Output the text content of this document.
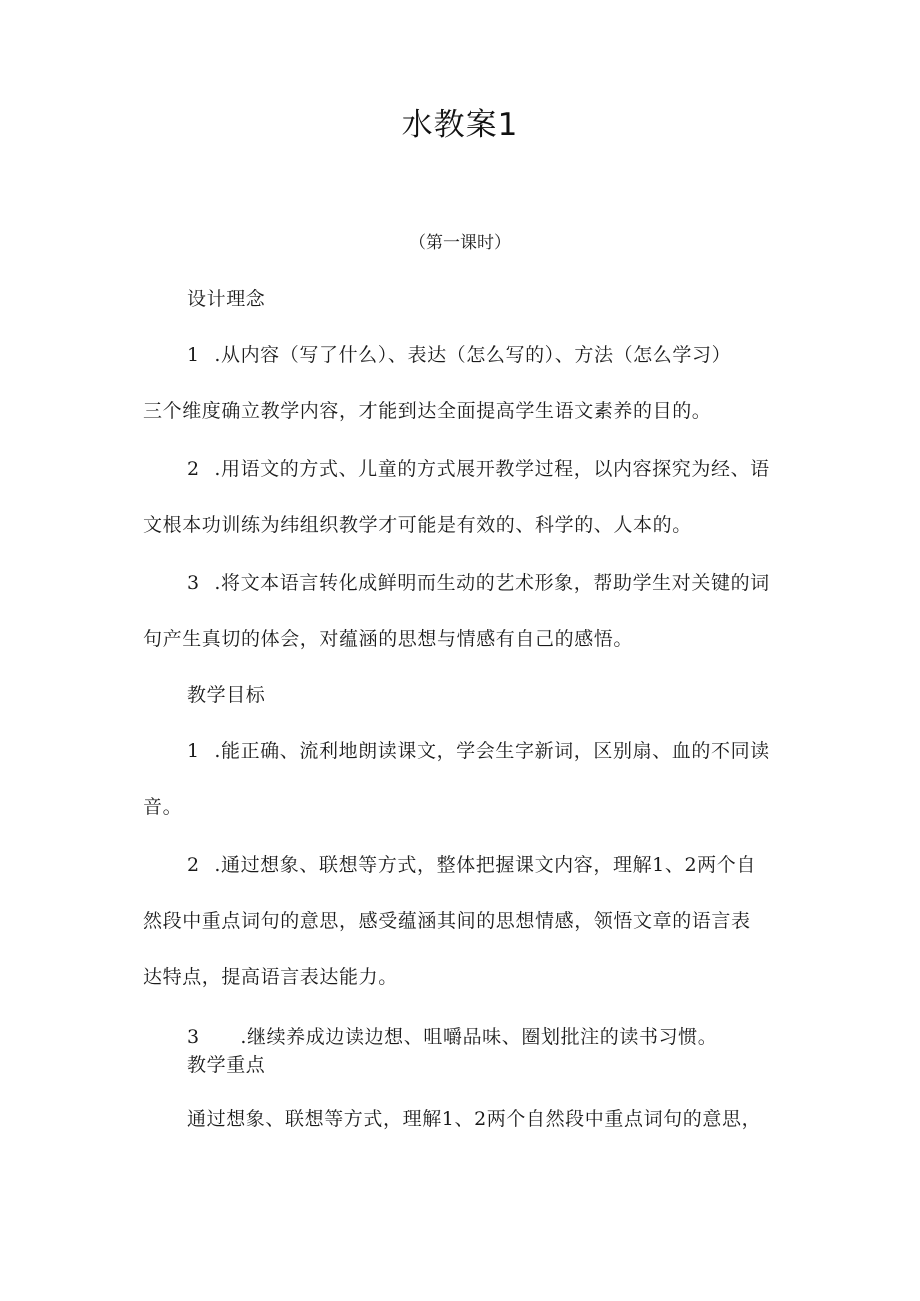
水教案1
（第一课时）
设计理念
1 .从内容（写了什么）、表达（怎么写的）、方法（怎么学习）
三个维度确立教学内容，才能到达全面提高学生语文素养的目的。
2 .用语文的方式、儿童的方式展开教学过程，以内容探究为经、语
文根本功训练为纬组织教学才可能是有效的、科学的、人本的。
3 .将文本语言转化成鲜明而生动的艺术形象，帮助学生对关键的词
句产生真切的体会，对蕴涵的思想与情感有自己的感悟。
教学目标
1 .能正确、流利地朗读课文，学会生字新词，区别扇、血的不同读
音。
2 .通过想象、联想等方式，整体把握课文内容，理解1、2两个自
然段中重点词句的意思，感受蕴涵其间的思想情感，领悟文章的语言表
达特点，提高语言表达能力。
3 .继续养成边读边想、咀嚼品味、圈划批注的读书习惯。
教学重点
通过想象、联想等方式，理解1、2两个自然段中重点词句的意思，
